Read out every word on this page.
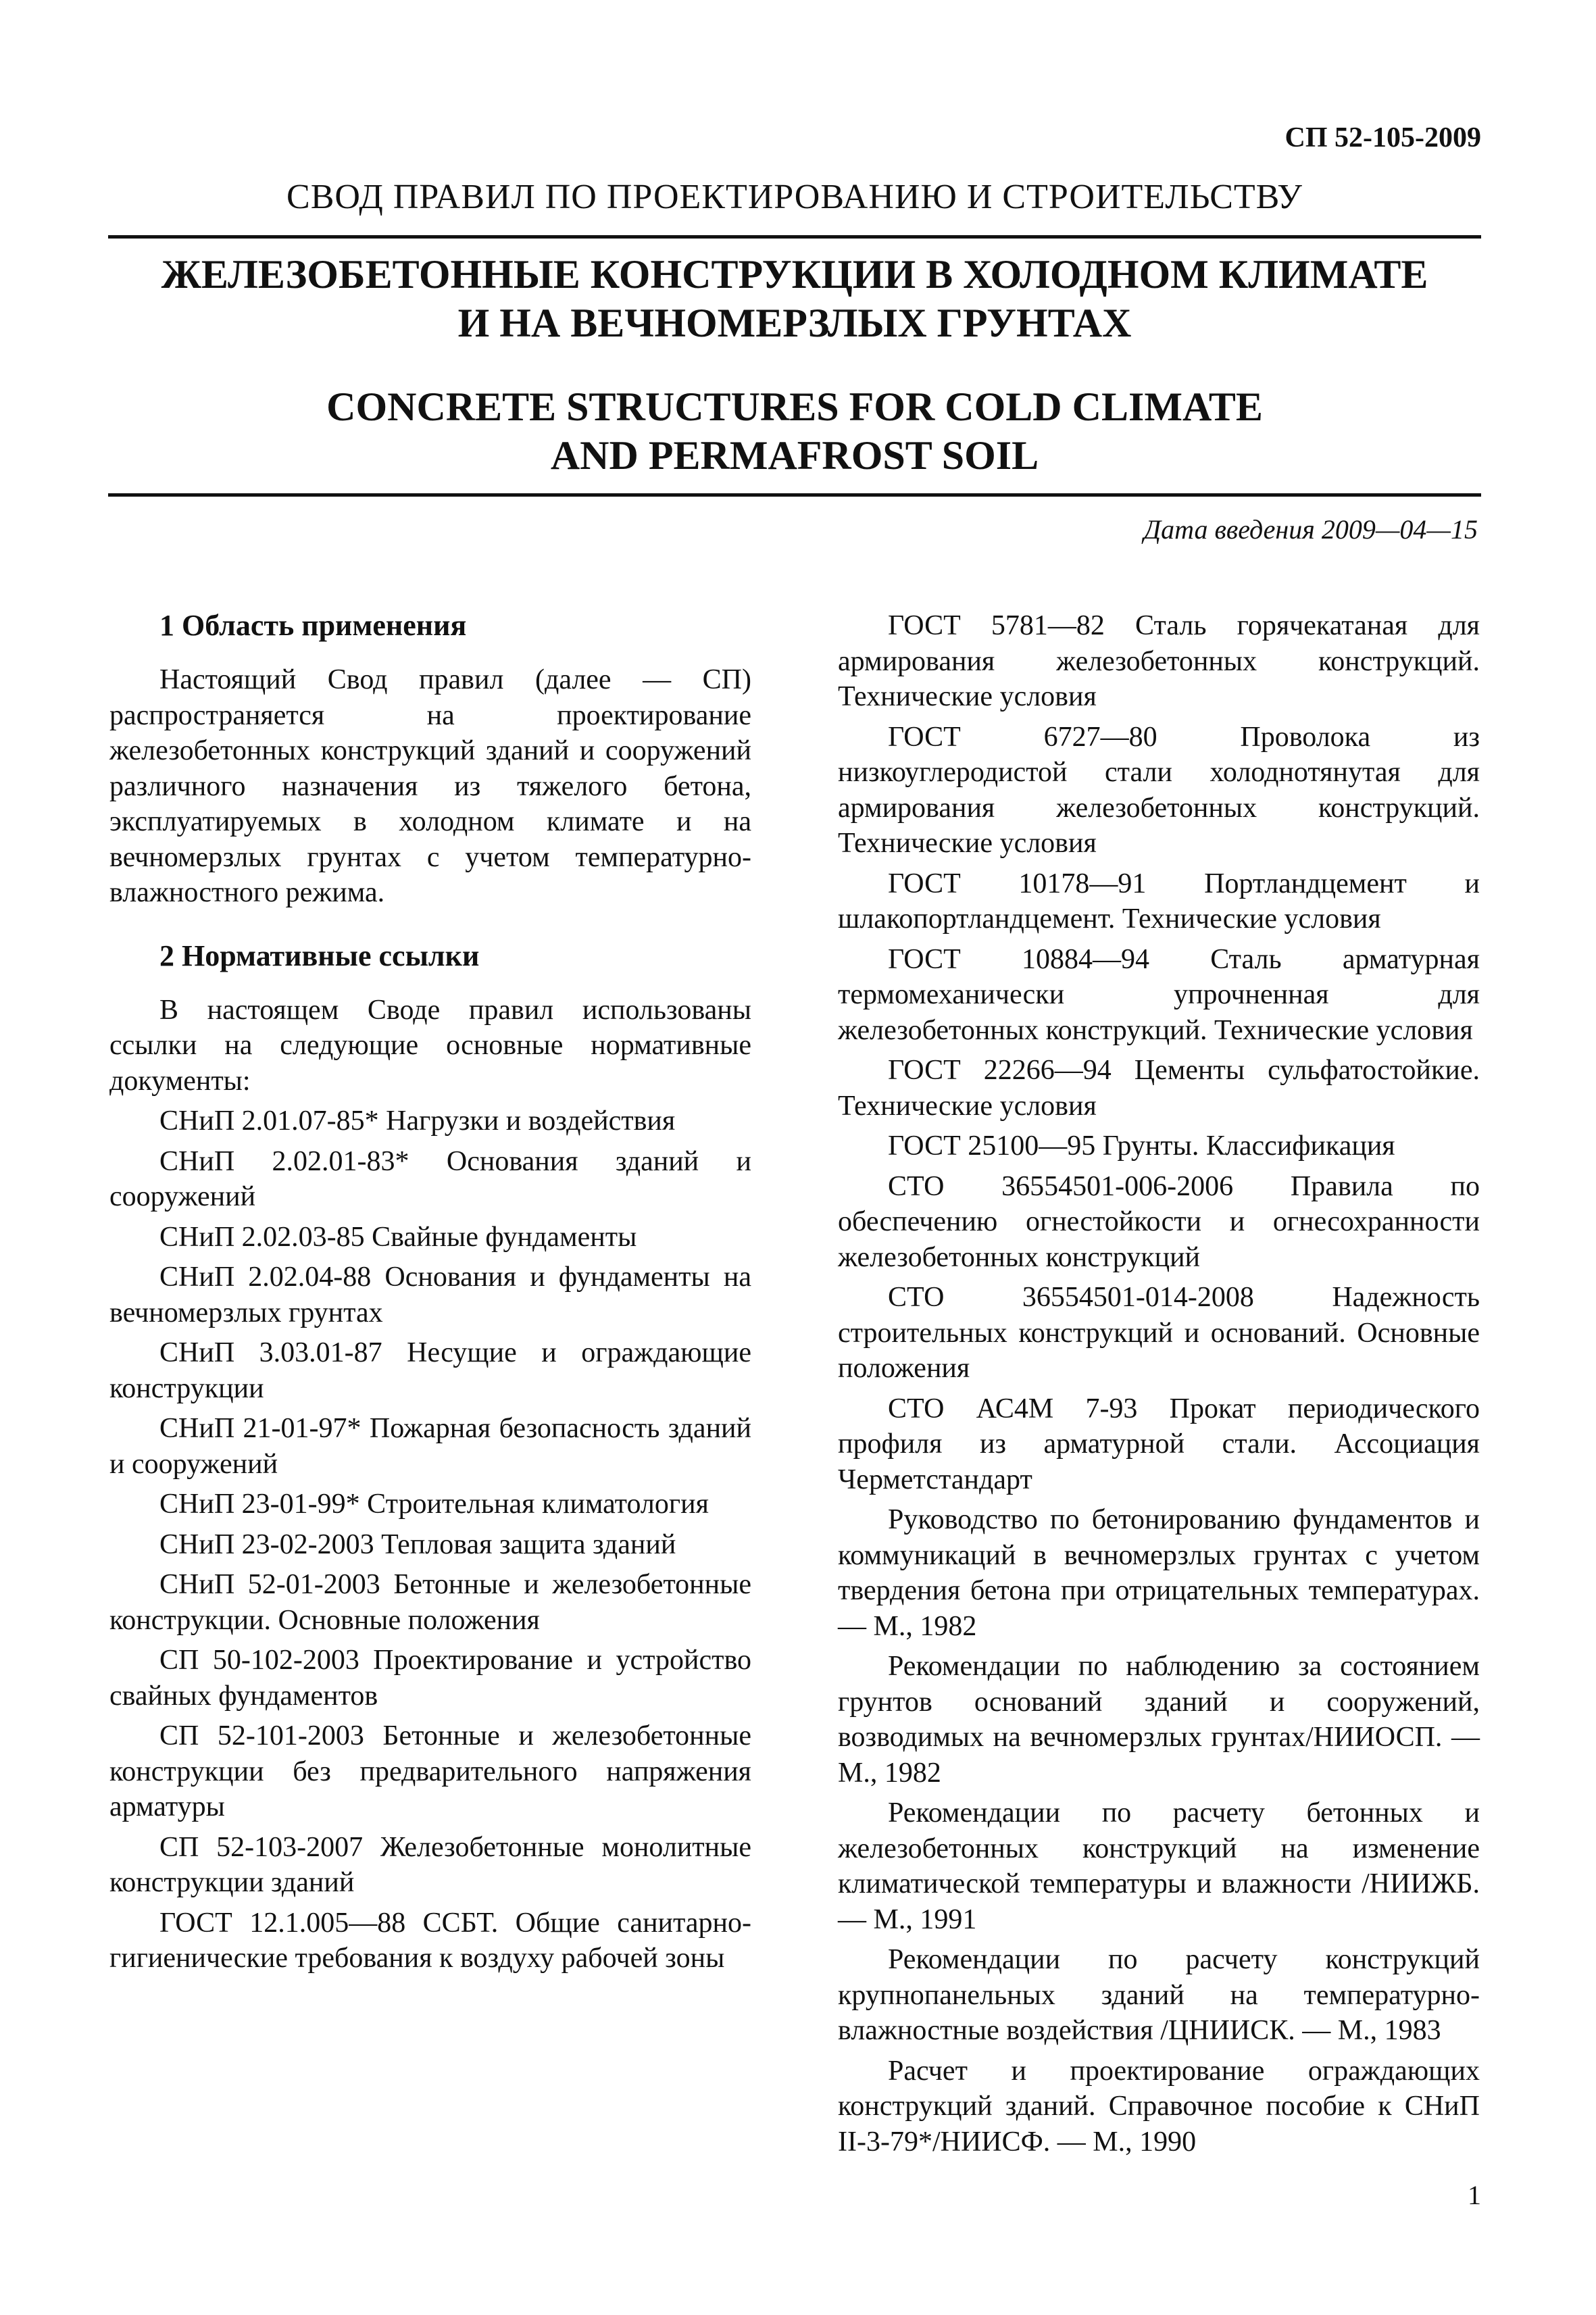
СП 52-105-2009
СВОД ПРАВИЛ ПО ПРОЕКТИРОВАНИЮ И СТРОИТЕЛЬСТВУ
ЖЕЛЕЗОБЕТОННЫЕ КОНСТРУКЦИИ В ХОЛОДНОМ КЛИМАТЕ
И НА ВЕЧНОМЕРЗЛЫХ ГРУНТАХ
CONCRETE STRUCTURES FOR COLD CLIMATE
AND PERMAFROST SOIL
Дата введения 2009—04—15
1 Область применения
Настоящий Свод правил (далее — СП) распространяется на проектирование железобетонных конструкций зданий и сооружений различного назначения из тяжелого бетона, эксплуатируемых в холодном климате и на вечномерзлых грунтах с учетом температурно-влажностного режима.
2 Нормативные ссылки
В настоящем Своде правил использованы ссылки на следующие основные нормативные документы:
СНиП 2.01.07-85* Нагрузки и воздействия
СНиП 2.02.01-83* Основания зданий и сооружений
СНиП 2.02.03-85 Свайные фундаменты
СНиП 2.02.04-88 Основания и фундаменты на вечномерзлых грунтах
СНиП 3.03.01-87 Несущие и ограждающие конструкции
СНиП 21-01-97* Пожарная безопасность зданий и сооружений
СНиП 23-01-99* Строительная климатология
СНиП 23-02-2003 Тепловая защита зданий
СНиП 52-01-2003 Бетонные и железобетонные конструкции. Основные положения
СП 50-102-2003 Проектирование и устройство свайных фундаментов
СП 52-101-2003 Бетонные и железобетонные конструкции без предварительного напряжения арматуры
СП 52-103-2007 Железобетонные монолитные конструкции зданий
ГОСТ 12.1.005—88 ССБТ. Общие санитарно-гигиенические требования к воздуху рабочей зоны
ГОСТ 5781—82 Сталь горячекатаная для армирования железобетонных конструкций. Технические условия
ГОСТ 6727—80 Проволока из низкоуглеродистой стали холоднотянутая для армирования железобетонных конструкций. Технические условия
ГОСТ 10178—91 Портландцемент и шлакопортландцемент. Технические условия
ГОСТ 10884—94 Сталь арматурная термомеханически упрочненная для железобетонных конструкций. Технические условия
ГОСТ 22266—94 Цементы сульфатостойкие. Технические условия
ГОСТ 25100—95 Грунты. Классификация
СТО 36554501-006-2006 Правила по обеспечению огнестойкости и огнесохранности железобетонных конструкций
СТО 36554501-014-2008 Надежность строительных конструкций и оснований. Основные положения
СТО АС4М 7-93 Прокат периодического профиля из арматурной стали. Ассоциация Черметстандарт
Руководство по бетонированию фундаментов и коммуникаций в вечномерзлых грунтах с учетом твердения бетона при отрицательных температурах. — М., 1982
Рекомендации по наблюдению за состоянием грунтов оснований зданий и сооружений, возводимых на вечномерзлых грунтах/НИИОСП. — М., 1982
Рекомендации по расчету бетонных и железобетонных конструкций на изменение климатической температуры и влажности /НИИЖБ. — М., 1991
Рекомендации по расчету конструкций крупнопанельных зданий на температурно-влажностные воздействия /ЦНИИСК. — М., 1983
Расчет и проектирование ограждающих конструкций зданий. Справочное пособие к СНиП II-3-79*/НИИСФ. — М., 1990
1
